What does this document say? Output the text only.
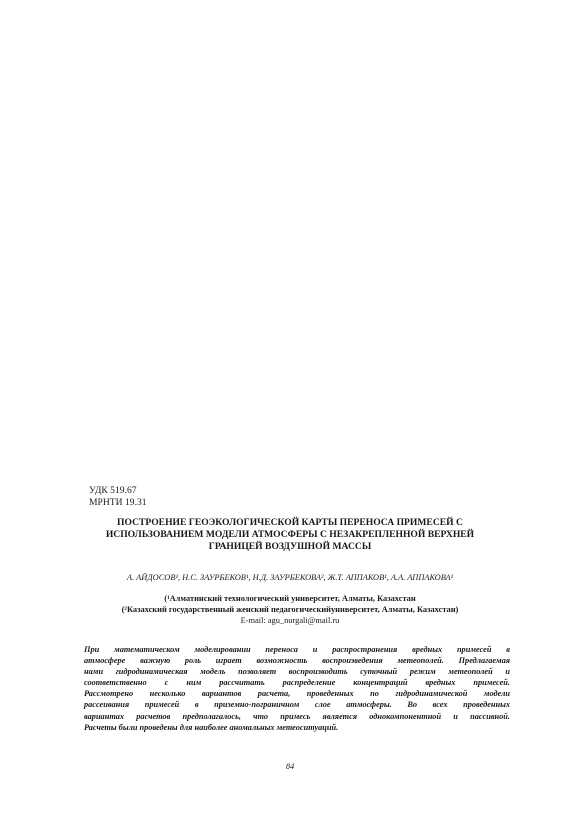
УДК 519.67
МРНТИ 19.31
ПОСТРОЕНИЕ ГЕОЭКОЛОГИЧЕСКОЙ КАРТЫ ПЕРЕНОСА ПРИМЕСЕЙ С
ИСПОЛЬЗОВАНИЕМ МОДЕЛИ АТМОСФЕРЫ С НЕЗАКРЕПЛЕННОЙ ВЕРХНЕЙ
ГРАНИЦЕЙ ВОЗДУШНОЙ МАССЫ
А. АЙДОСОВ¹, Н.С. ЗАУРБЕКОВ¹, Н.Д. ЗАУРБЕКОВА², Ж.Т. АППАКОВ¹, А.А. АППАКОВА¹
(¹Алматинский технологический университет, Алматы, Казахстан
(²Казахский государственный женский педагогическийуниверситет, Алматы, Казахстан)
E-mail: agu_nurgali@mail.ru
При математическом моделировании переноса и распространения вредных примесей в
атмосфере важную роль играет возможность воспроизведения метеополей. Предлагаемая
нами гидродинамическая модель позволяет воспроизводить суточный режим метеополей и
соответственно с ним рассчитать распределение концентраций вредных примесей.
Рассмотрено несколько вариантов расчета, проведенных по гидродинамической модели
рассеивания примесей в приземно-пограничном слое атмосферы. Во всех проведенных
вариантах расчетов предполагалось, что примесь является однокомпонентной и пассивной.
Расчеты были проведены для наиболее аномальных метеоситуаций.
84
